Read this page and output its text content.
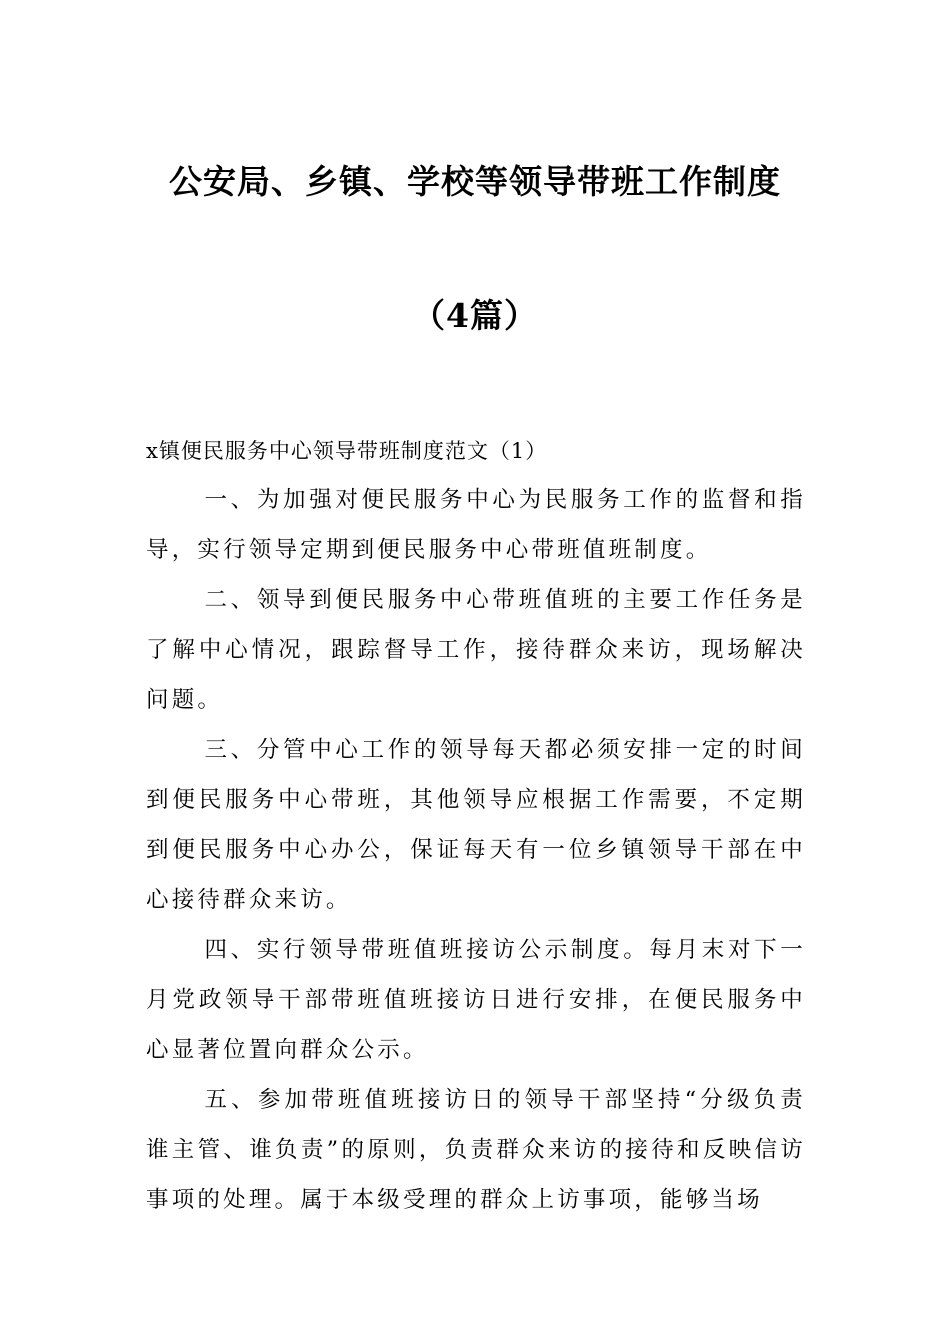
公安局、乡镇、学校等领导带班工作制度
（4篇）
x镇便民服务中心领导带班制度范文（1）

一、为加强对便民服务中心为民服务工作的监督和指导，实行领导定期到便民服务中心带班值班制度。

二、领导到便民服务中心带班值班的主要工作任务是了解中心情况，跟踪督导工作，接待群众来访，现场解决问题。

三、分管中心工作的领导每天都必须安排一定的时间到便民服务中心带班，其他领导应根据工作需要，不定期到便民服务中心办公，保证每天有一位乡镇领导干部在中心接待群众来访。

四、实行领导带班值班接访公示制度。每月末对下一月党政领导干部带班值班接访日进行安排，在便民服务中心显著位置向群众公示。

五、参加带班值班接访日的领导干部坚持“分级负责谁主管、谁负责”的原则，负责群众来访的接待和反映信访事项的处理。属于本级受理的群众上访事项，能够当场
